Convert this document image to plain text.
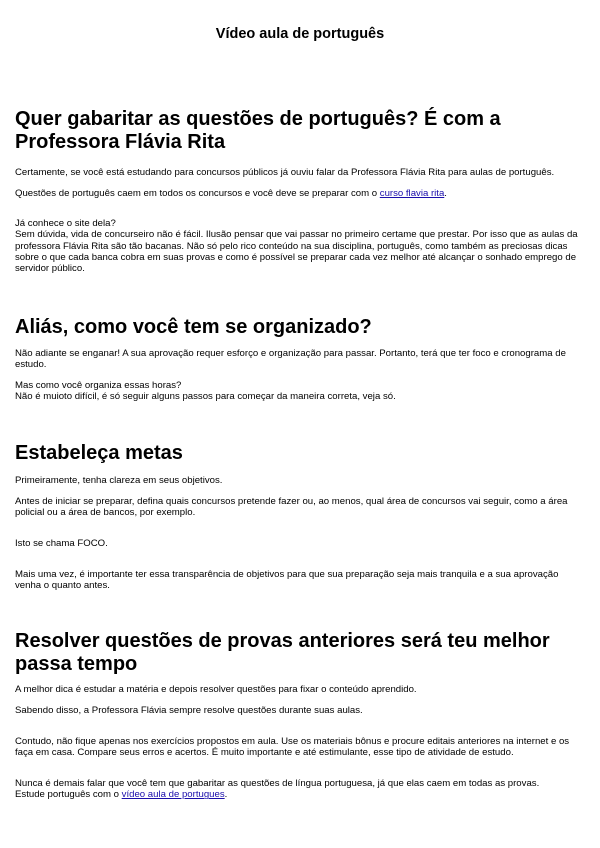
Vídeo aula de português
Quer gabaritar as questões de português? É com a Professora Flávia Rita

Certamente, se você está estudando para concursos públicos já ouviu falar da Professora Flávia Rita para aulas de português.

Questões de português caem em todos os concursos e você deve se preparar com o curso flavia rita.

Já conhece o site dela?
Sem dúvida, vida de concurseiro não é fácil. Ilusão pensar que vai passar no primeiro certame que prestar. Por isso que as aulas da professora Flávia Rita são tão bacanas. Não só pelo rico conteúdo na sua disciplina, português, como também as preciosas dicas sobre o que cada banca cobra em suas provas e como é possível se preparar cada vez melhor até alcançar o sonhado emprego de servidor público.

Aliás, como você tem se organizado?

Não adiante se enganar! A sua aprovação requer esforço e organização para passar. Portanto, terá que ter foco e cronograma de estudo.

Mas como você organiza essas horas?
Não é muioto difícil, é só seguir alguns passos para começar da maneira correta, veja só.

Estabeleça metas

Primeiramente, tenha clareza em seus objetivos.

Antes de iniciar se preparar, defina quais concursos pretende fazer ou, ao menos, qual área de concursos vai seguir, como a área policial ou a área de bancos, por exemplo.

Isto se chama FOCO.

Mais uma vez, é importante ter essa transparência de objetivos para que sua preparação seja mais tranquila e a sua aprovação venha o quanto antes.

Resolver questões de provas anteriores será teu melhor passa tempo

A melhor dica é estudar a matéria e depois resolver questões para fixar o conteúdo aprendido.

Sabendo disso, a Professora Flávia sempre resolve questões durante suas aulas.

Contudo, não fique apenas nos exercícios propostos em aula. Use os materiais bônus e procure editais anteriores na internet e os faça em casa. Compare seus erros e acertos. É muito importante e até estimulante, esse tipo de atividade de estudo.

Nunca é demais falar que você tem que gabaritar as questões de língua portuguesa, já que elas caem em todas as provas.
Estude português com o vídeo aula de portugues.
